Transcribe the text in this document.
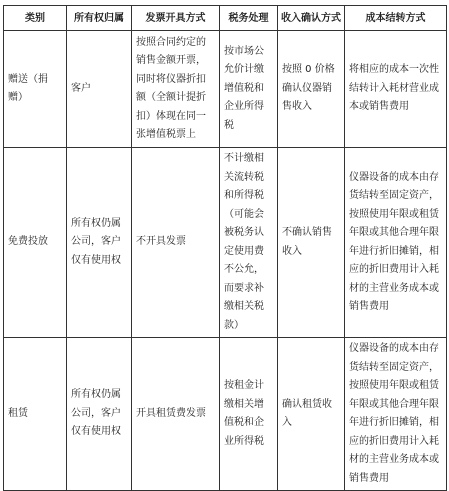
类别	所有权归属	发票开具方式	税务处理	收入确认方式	成本结转方式
赠送（捐赠）	客户	按照合同约定的销售金额开票，同时将仪器折扣额（全额计提折扣）体现在同一张增值税票上	按市场公允价计缴增值税和企业所得税	按照 0 价格确认仪器销售收入	将相应的成本一次性结转计入耗材营业成本或销售费用
免费投放	所有权仍属公司，客户仅有使用权	不开具发票	不计缴相关流转税和所得税（可能会被税务认定使用费不公允，而要求补缴相关税款）	不确认销售收入	仪器设备的成本由存货结转至固定资产，按照使用年限或租赁年限或其他合理年限年进行折旧摊销，相应的折旧费用计入耗材的主营业务成本或销售费用
租赁	所有权仍属公司，客户仅有使用权	开具租赁费发票	按租金计缴相关增值税和企业所得税	确认租赁收入	仪器设备的成本由存货结转至固定资产，按照使用年限或租赁年限或其他合理年限年进行折旧摊销，相应的折旧费用计入耗材的主营业务成本或销售费用
